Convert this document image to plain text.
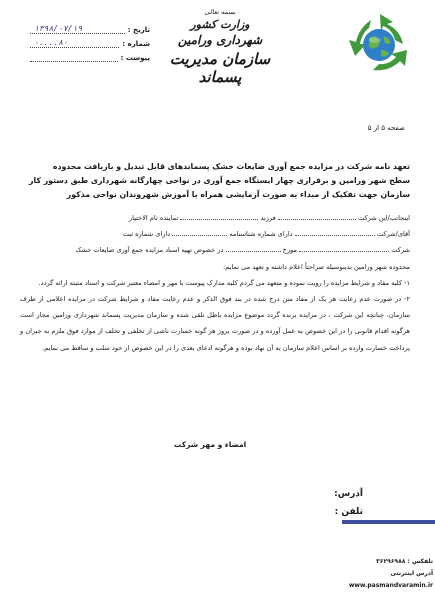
تاریخ :
۱۳۹۸/۰۷/۱۹
شماره :
۸۰....۰
پیوست :
بسمه تعالی
وزارت کشور
شهرداری ورامین
سازمان مدیریت پسماند
صفحه ۵ از ۵
تعهد نامه شرکت در مزایده جمع آوری ضایعات خشک پسماندهای قابل تبدیل و بازیافت محدوده
سطح شهر ورامین و برقراری چهار ایستگاه جمع آوری در نواحی چهارگانه شهرداری طبق دستور کار
سازمان جهت تفکیک از مبداء به صورت آزمایشی همراه با آموزش شهروندان نواحی مذکور

اینجانب/این شرکت  فرزند  نماینده تام الاختیار

آقای/شرکت  دارای شماره شناسنامه  دارای شماره ثبت

شرکت  مورخ  در خصوص تهیه اسناد مزایده جمع آوری ضایعات خشک

محدوده شهر ورامین بدینوسیله صراحتاً اعلام داشته و تعهد می نمایم:

۱- کلیه مفاد و شرایط مزایده را رویت نموده و متعهد می گردم کلیه مدارک پیوست با مهر و امضاء معتبر شرکت و اسناد مثبته ارائه گردد.

۲- در صورت عدم رعایت هر یک از مفاد متن درج شده در بند فوق الذکر و عدم رعایت مفاد و شرایط شرکت در مزایده اعلامی از طرف سازمان، چنانچه این شرکت ، در مزایده برنده گردد موضوع مزایده باطل تلقی شده و سازمان مدیریت پسماند شهرداری ورامین مجاز است هرگونه اقدام قانونی را در این خصوص به عمل آورده و در صورت بروز هر گونه خسارت ناشی از تخلفی و تخلف از موارد فوق ملزم به جبران و پرداخت خسارت وارده بر اساس اعلام سازمان به آن نهاد بوده و هرگونه ادعای بعدی را در این خصوص از خود سلب و ساقط می نمایم.

امضاء و مهر شرکت
آدرس:
تلفن :
تلفکس : ۳۶۲۹۶۹۸۸
آدرس اینترنتی
www.pasmandvaramin.ir
